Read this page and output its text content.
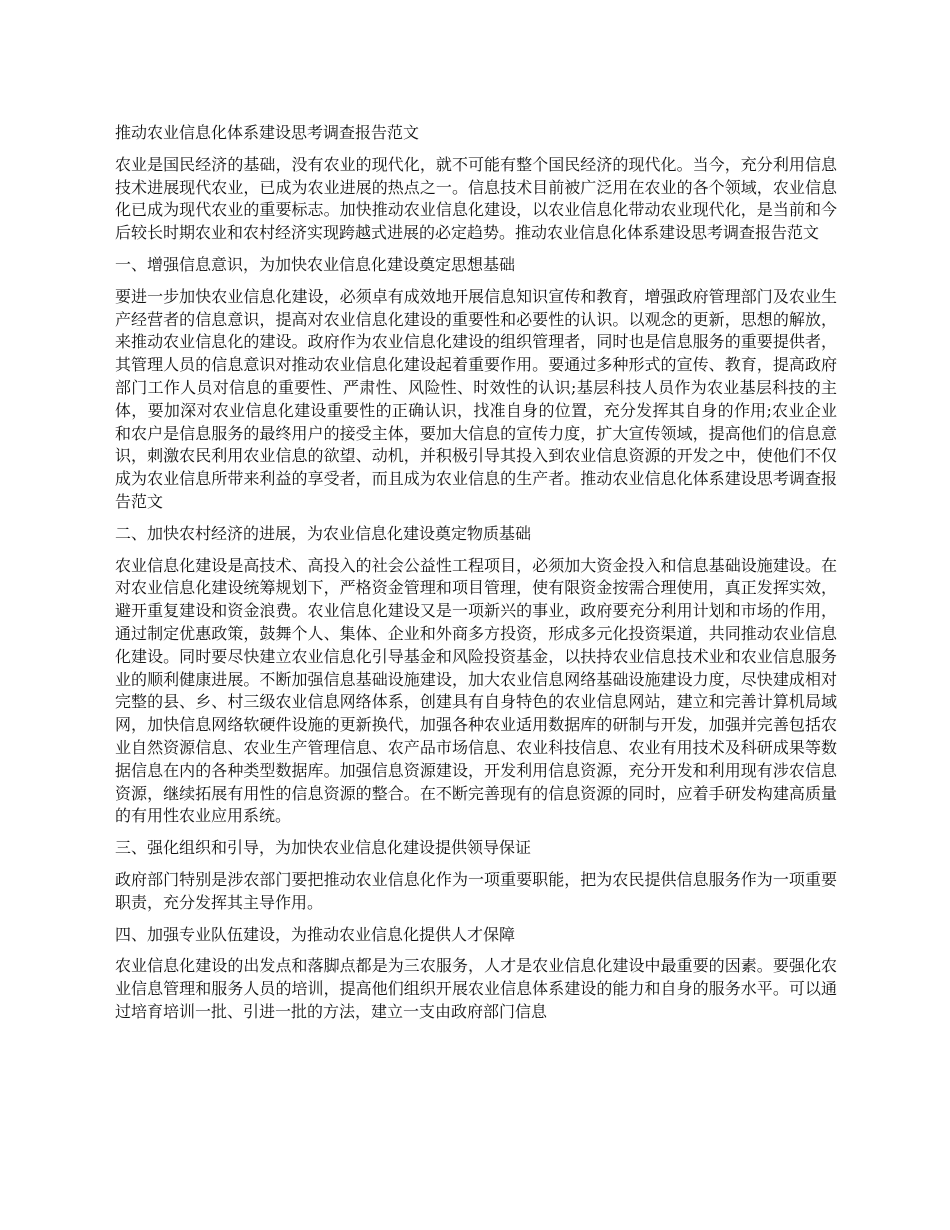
推动农业信息化体系建设思考调查报告范文

农业是国民经济的基础，没有农业的现代化，就不可能有整个国民经济的现代化。当今，充分利用信息技术进展现代农业，已成为农业进展的热点之一。信息技术目前被广泛用在农业的各个领域，农业信息化已成为现代农业的重要标志。加快推动农业信息化建设，以农业信息化带动农业现代化，是当前和今后较长时期农业和农村经济实现跨越式进展的必定趋势。推动农业信息化体系建设思考调查报告范文

一、增强信息意识，为加快农业信息化建设奠定思想基础

要进一步加快农业信息化建设，必须卓有成效地开展信息知识宣传和教育，增强政府管理部门及农业生产经营者的信息意识，提高对农业信息化建设的重要性和必要性的认识。以观念的更新，思想的解放，来推动农业信息化的建设。政府作为农业信息化建设的组织管理者，同时也是信息服务的重要提供者，其管理人员的信息意识对推动农业信息化建设起着重要作用。要通过多种形式的宣传、教育，提高政府部门工作人员对信息的重要性、严肃性、风险性、时效性的认识;基层科技人员作为农业基层科技的主体，要加深对农业信息化建设重要性的正确认识，找准自身的位置，充分发挥其自身的作用;农业企业和农户是信息服务的最终用户的接受主体，要加大信息的宣传力度，扩大宣传领域，提高他们的信息意识，刺激农民利用农业信息的欲望、动机，并积极引导其投入到农业信息资源的开发之中，使他们不仅成为农业信息所带来利益的享受者，而且成为农业信息的生产者。推动农业信息化体系建设思考调查报告范文

二、加快农村经济的进展，为农业信息化建设奠定物质基础

农业信息化建设是高技术、高投入的社会公益性工程项目，必须加大资金投入和信息基础设施建设。在对农业信息化建设统筹规划下，严格资金管理和项目管理，使有限资金按需合理使用，真正发挥实效，避开重复建设和资金浪费。农业信息化建设又是一项新兴的事业，政府要充分利用计划和市场的作用，通过制定优惠政策，鼓舞个人、集体、企业和外商多方投资，形成多元化投资渠道，共同推动农业信息化建设。同时要尽快建立农业信息化引导基金和风险投资基金，以扶持农业信息技术业和农业信息服务业的顺利健康进展。不断加强信息基础设施建设，加大农业信息网络基础设施建设力度，尽快建成相对完整的县、乡、村三级农业信息网络体系，创建具有自身特色的农业信息网站，建立和完善计算机局域网，加快信息网络软硬件设施的更新换代，加强各种农业适用数据库的研制与开发，加强并完善包括农业自然资源信息、农业生产管理信息、农产品市场信息、农业科技信息、农业有用技术及科研成果等数据信息在内的各种类型数据库。加强信息资源建设，开发利用信息资源，充分开发和利用现有涉农信息资源，继续拓展有用性的信息资源的整合。在不断完善现有的信息资源的同时，应着手研发构建高质量的有用性农业应用系统。

三、强化组织和引导，为加快农业信息化建设提供领导保证

政府部门特别是涉农部门要把推动农业信息化作为一项重要职能，把为农民提供信息服务作为一项重要职责，充分发挥其主导作用。

四、加强专业队伍建设，为推动农业信息化提供人才保障

农业信息化建设的出发点和落脚点都是为三农服务，人才是农业信息化建设中最重要的因素。要强化农业信息管理和服务人员的培训，提高他们组织开展农业信息体系建设的能力和自身的服务水平。可以通过培育培训一批、引进一批的方法，建立一支由政府部门信息
